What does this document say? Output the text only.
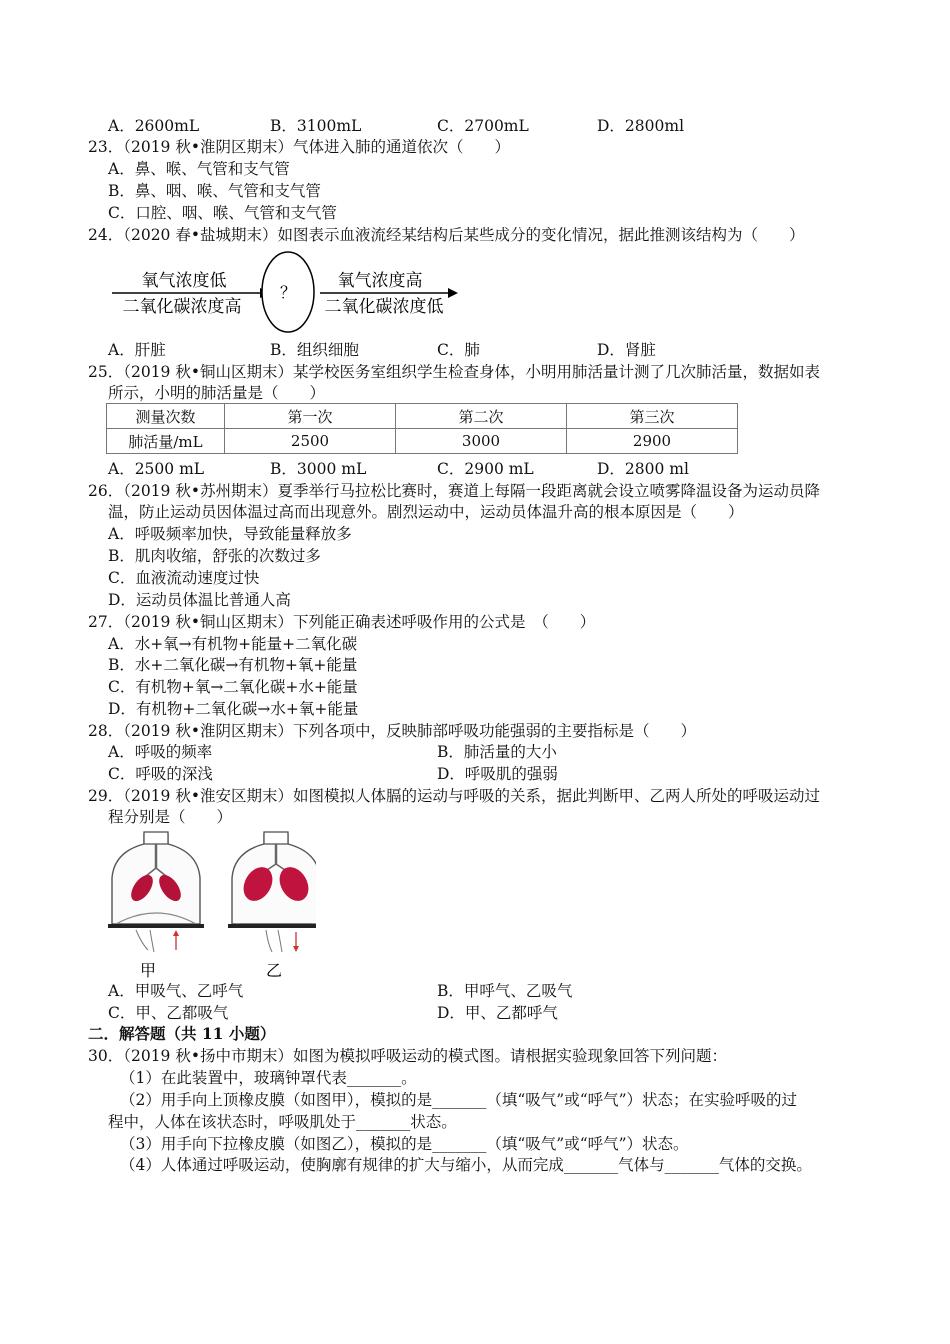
A．2600mL	B．3100mL	C．2700mL	D．2800ml
23．（2019 秋•淮阴区期末）气体进入肺的通道依次（　　）
A．鼻、喉、气管和支气管
B．鼻、咽、喉、气管和支气管
C．口腔、咽、喉、气管和支气管
24．（2020 春•盐城期末）如图表示血液流经某结构后某些成分的变化情况，据此推测该结构为（　　）
氧气浓度低
二氧化碳浓度高
？
氧气浓度高
二氧化碳浓度低
A．肝脏	B．组织细胞	C．肺	D．肾脏
25．（2019 秋•铜山区期末）某学校医务室组织学生检查身体，小明用肺活量计测了几次肺活量，数据如表
所示，小明的肺活量是（　　）
测量次数	第一次	第二次	第三次
肺活量/mL	2500	3000	2900
A．2500 mL	B．3000 mL	C．2900 mL	D．2800 ml
26．（2019 秋•苏州期末）夏季举行马拉松比赛时，赛道上每隔一段距离就会设立喷雾降温设备为运动员降
温，防止运动员因体温过高而出现意外。剧烈运动中，运动员体温升高的根本原因是（　　）
A．呼吸频率加快，导致能量释放多
B．肌肉收缩，舒张的次数过多
C．血液流动速度过快
D．运动员体温比普通人高
27．（2019 秋•铜山区期末）下列能正确表述呼吸作用的公式是　（　　）
A．水+氧→有机物+能量+二氧化碳
B．水+二氧化碳→有机物+氧+能量
C．有机物+氧→二氧化碳+水+能量
D．有机物+二氧化碳→水+氧+能量
28．（2019 秋•淮阴区期末）下列各项中，反映肺部呼吸功能强弱的主要指标是（　　）
A．呼吸的频率	B．肺活量的大小
C．呼吸的深浅	D．呼吸肌的强弱
29．（2019 秋•淮安区期末）如图模拟人体膈的运动与呼吸的关系，据此判断甲、乙两人所处的呼吸运动过
程分别是（　　）
甲	乙
A．甲吸气、乙呼气	B．甲呼气、乙吸气
C．甲、乙都吸气	D．甲、乙都呼气
二．解答题（共 11 小题）
30．（2019 秋•扬中市期末）如图为模拟呼吸运动的模式图。请根据实验现象回答下列问题：
（1）在此装置中，玻璃钟罩代表_______。
（2）用手向上顶橡皮膜（如图甲），模拟的是_______（填“吸气”或“呼气”）状态；在实验呼吸的过
程中，人体在该状态时，呼吸肌处于_______状态。
（3）用手向下拉橡皮膜（如图乙），模拟的是_______（填“吸气”或“呼气”）状态。
（4）人体通过呼吸运动，使胸廓有规律的扩大与缩小，从而完成_______气体与_______气体的交换。
